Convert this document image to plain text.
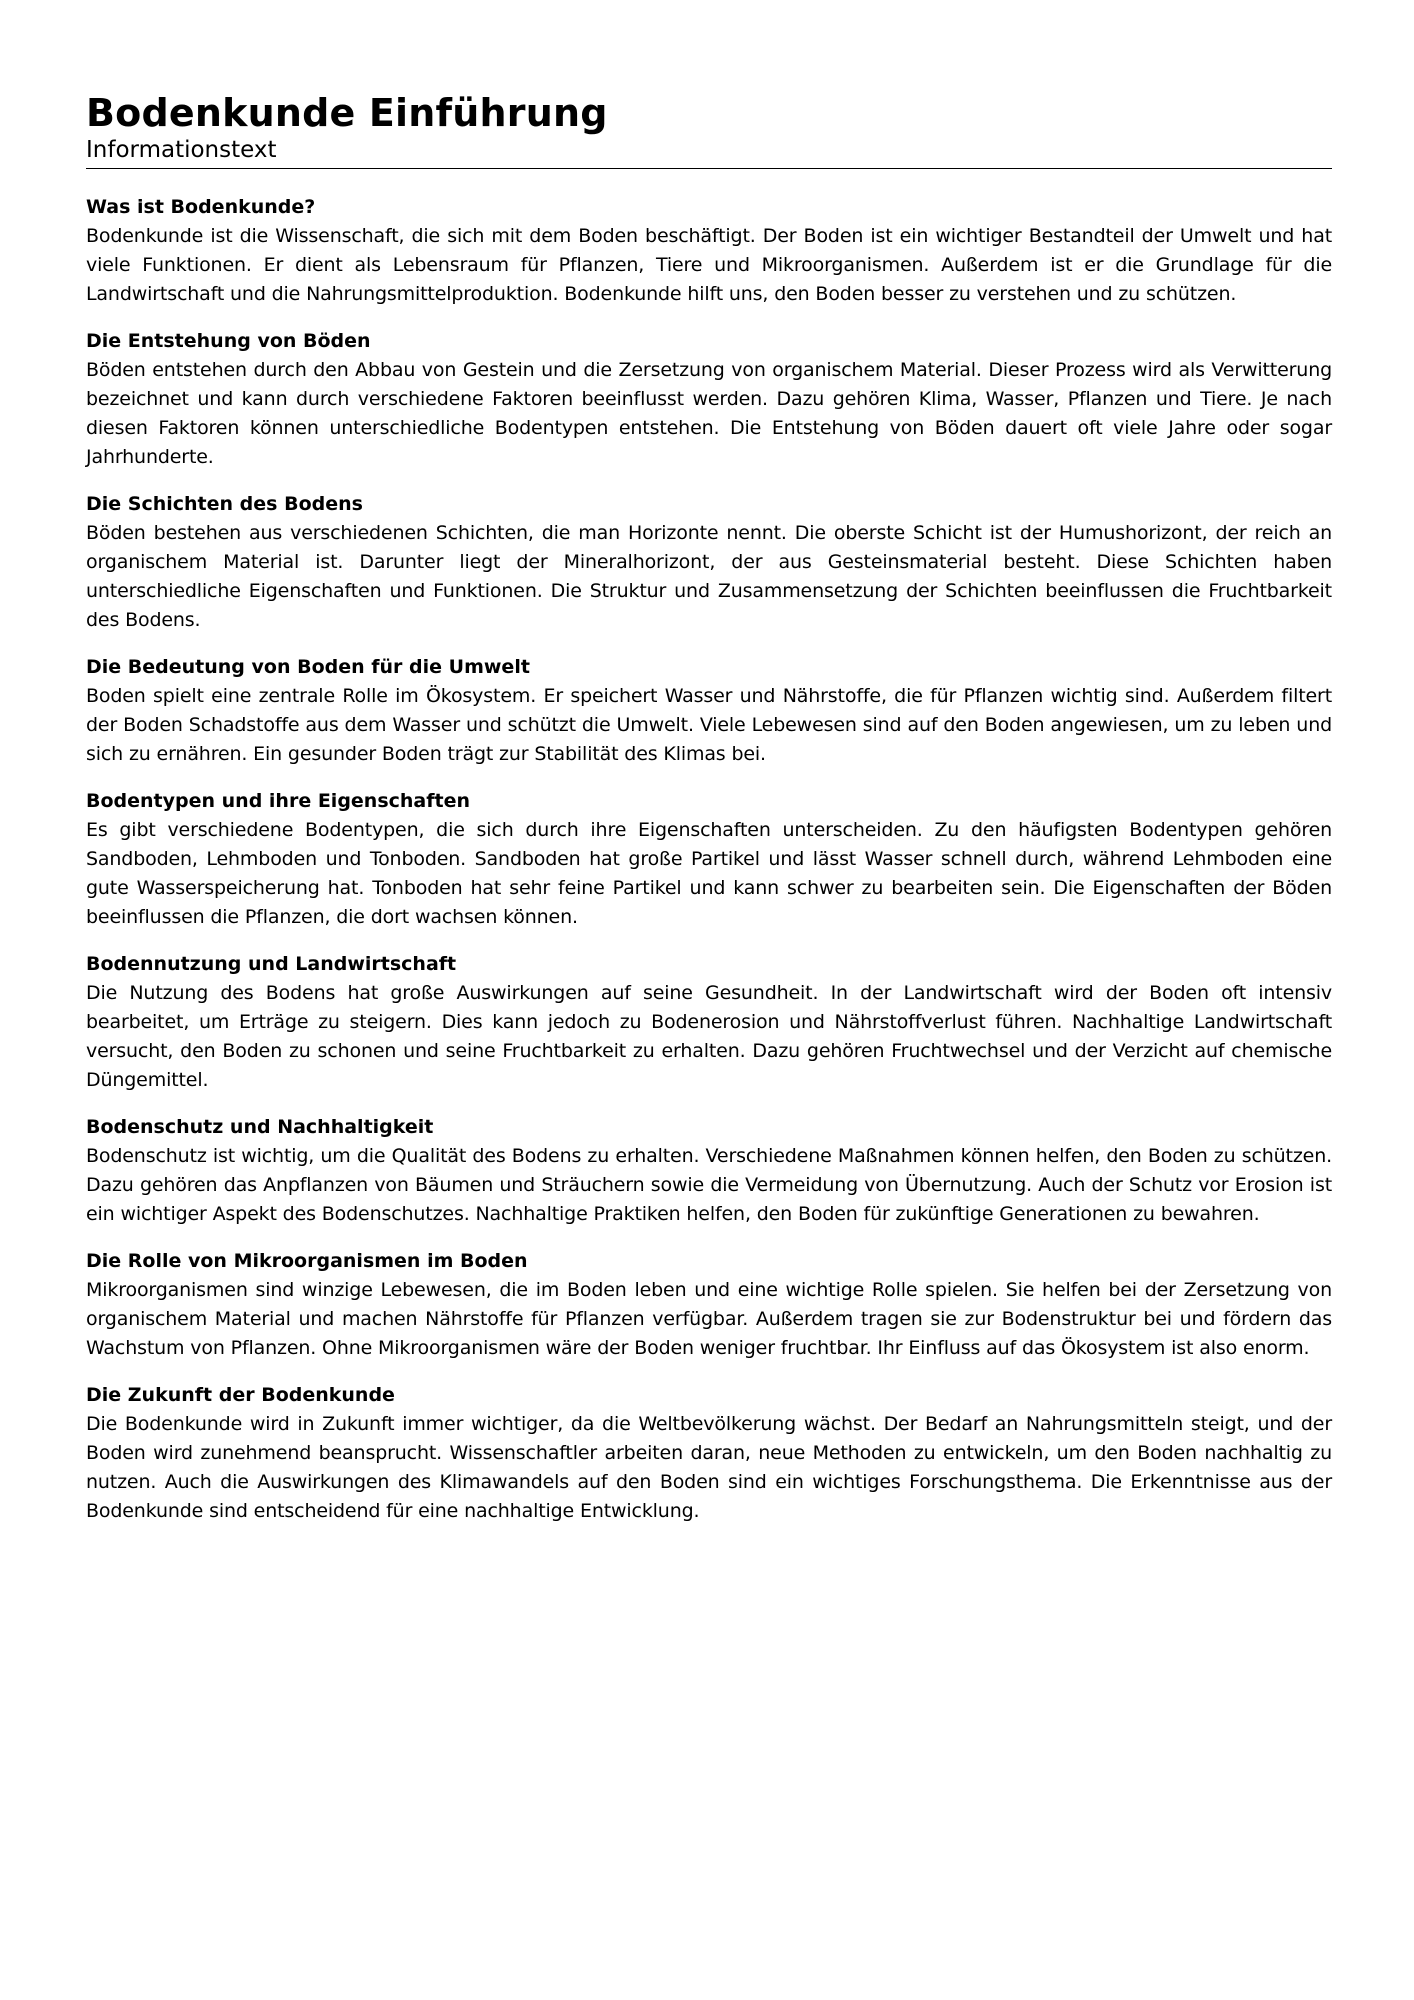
Bodenkunde Einführung

Informationstext

Was ist Bodenkunde?

Bodenkunde ist die Wissenschaft, die sich mit dem Boden beschäftigt. Der Boden ist ein wichtiger Bestandteil der Umwelt und hat viele Funktionen. Er dient als Lebensraum für Pflanzen, Tiere und Mikroorganismen. Außerdem ist er die Grundlage für die Landwirtschaft und die Nahrungsmittelproduktion. Bodenkunde hilft uns, den Boden besser zu verstehen und zu schützen.

Die Entstehung von Böden

Böden entstehen durch den Abbau von Gestein und die Zersetzung von organischem Material. Dieser Prozess wird als Verwitterung bezeichnet und kann durch verschiedene Faktoren beeinflusst werden. Dazu gehören Klima, Wasser, Pflanzen und Tiere. Je nach diesen Faktoren können unterschiedliche Bodentypen entstehen. Die Entstehung von Böden dauert oft viele Jahre oder sogar Jahrhunderte.

Die Schichten des Bodens

Böden bestehen aus verschiedenen Schichten, die man Horizonte nennt. Die oberste Schicht ist der Humushorizont, der reich an organischem Material ist. Darunter liegt der Mineralhorizont, der aus Gesteinsmaterial besteht. Diese Schichten haben unterschiedliche Eigenschaften und Funktionen. Die Struktur und Zusammensetzung der Schichten beeinflussen die Fruchtbarkeit des Bodens.

Die Bedeutung von Boden für die Umwelt

Boden spielt eine zentrale Rolle im Ökosystem. Er speichert Wasser und Nährstoffe, die für Pflanzen wichtig sind. Außerdem filtert der Boden Schadstoffe aus dem Wasser und schützt die Umwelt. Viele Lebewesen sind auf den Boden angewiesen, um zu leben und sich zu ernähren. Ein gesunder Boden trägt zur Stabilität des Klimas bei.

Bodentypen und ihre Eigenschaften

Es gibt verschiedene Bodentypen, die sich durch ihre Eigenschaften unterscheiden. Zu den häufigsten Bodentypen gehören Sandboden, Lehmboden und Tonboden. Sandboden hat große Partikel und lässt Wasser schnell durch, während Lehmboden eine gute Wasserspeicherung hat. Tonboden hat sehr feine Partikel und kann schwer zu bearbeiten sein. Die Eigenschaften der Böden beeinflussen die Pflanzen, die dort wachsen können.

Bodennutzung und Landwirtschaft

Die Nutzung des Bodens hat große Auswirkungen auf seine Gesundheit. In der Landwirtschaft wird der Boden oft intensiv bearbeitet, um Erträge zu steigern. Dies kann jedoch zu Bodenerosion und Nährstoffverlust führen. Nachhaltige Landwirtschaft versucht, den Boden zu schonen und seine Fruchtbarkeit zu erhalten. Dazu gehören Fruchtwechsel und der Verzicht auf chemische Düngemittel.

Bodenschutz und Nachhaltigkeit

Bodenschutz ist wichtig, um die Qualität des Bodens zu erhalten. Verschiedene Maßnahmen können helfen, den Boden zu schützen. Dazu gehören das Anpflanzen von Bäumen und Sträuchern sowie die Vermeidung von Übernutzung. Auch der Schutz vor Erosion ist ein wichtiger Aspekt des Bodenschutzes. Nachhaltige Praktiken helfen, den Boden für zukünftige Generationen zu bewahren.

Die Rolle von Mikroorganismen im Boden

Mikroorganismen sind winzige Lebewesen, die im Boden leben und eine wichtige Rolle spielen. Sie helfen bei der Zersetzung von organischem Material und machen Nährstoffe für Pflanzen verfügbar. Außerdem tragen sie zur Bodenstruktur bei und fördern das Wachstum von Pflanzen. Ohne Mikroorganismen wäre der Boden weniger fruchtbar. Ihr Einfluss auf das Ökosystem ist also enorm.

Die Zukunft der Bodenkunde

Die Bodenkunde wird in Zukunft immer wichtiger, da die Weltbevölkerung wächst. Der Bedarf an Nahrungsmitteln steigt, und der Boden wird zunehmend beansprucht. Wissenschaftler arbeiten daran, neue Methoden zu entwickeln, um den Boden nachhaltig zu nutzen. Auch die Auswirkungen des Klimawandels auf den Boden sind ein wichtiges Forschungsthema. Die Erkenntnisse aus der Bodenkunde sind entscheidend für eine nachhaltige Entwicklung.
